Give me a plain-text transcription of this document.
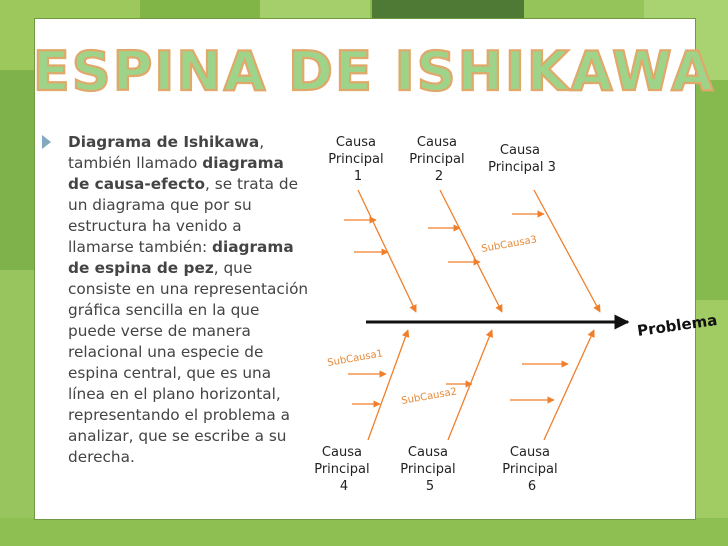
ESPINA DE ISHIKAWA
Diagrama de Ishikawa, también llamado diagrama de causa-efecto, se trata de un diagrama que por su estructura ha venido a llamarse también: diagrama de espina de pez, que consiste en una representación gráfica sencilla en la que puede verse de manera relacional una especie de espina central, que es una línea en el plano horizontal, representando el problema a analizar, que se escribe a su derecha.
Problema
Causa Principal 1
Causa Principal 2
Causa Principal 3
SubCausa3
SubCausa1
SubCausa2
Causa Principal 4
Causa Principal 5
Causa Principal 6
